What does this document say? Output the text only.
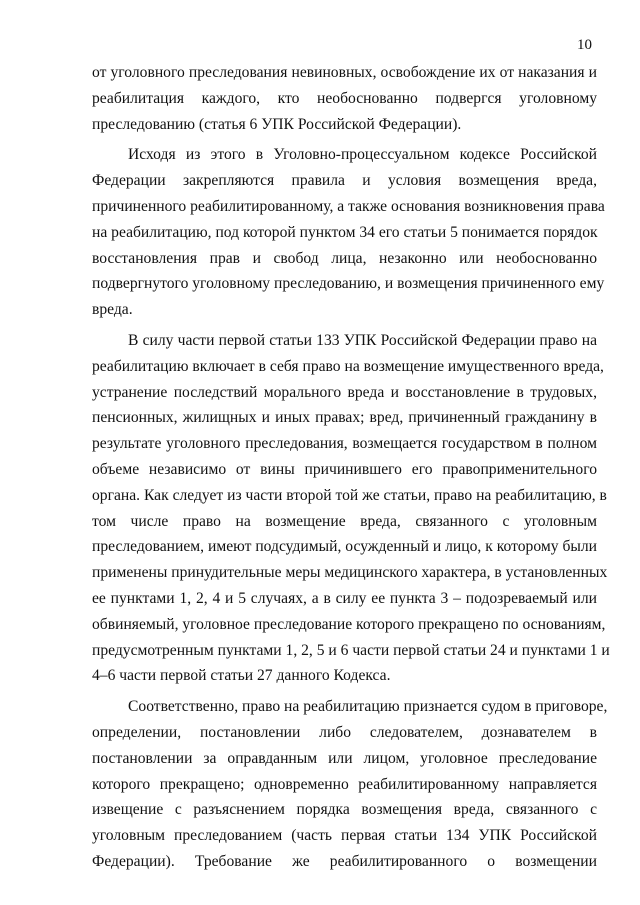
10

от уголовного преследования невиновных, освобождение их от наказания и
реабилитация каждого, кто необоснованно подвергся уголовному
преследованию (статья 6 УПК Российской Федерации).

Исходя из этого в Уголовно-процессуальном кодексе Российской
Федерации закрепляются правила и условия возмещения вреда,
причиненного реабилитированному, а также основания возникновения права
на реабилитацию, под которой пунктом 34 его статьи 5 понимается порядок
восстановления прав и свобод лица, незаконно или необоснованно
подвергнутого уголовному преследованию, и возмещения причиненного ему
вреда.

В силу части первой статьи 133 УПК Российской Федерации право на
реабилитацию включает в себя право на возмещение имущественного вреда,
устранение последствий морального вреда и восстановление в трудовых,
пенсионных, жилищных и иных правах; вред, причиненный гражданину в
результате уголовного преследования, возмещается государством в полном
объеме независимо от вины причинившего его правоприменительного
органа. Как следует из части второй той же статьи, право на реабилитацию, в
том числе право на возмещение вреда, связанного с уголовным
преследованием, имеют подсудимый, осужденный и лицо, к которому были
применены принудительные меры медицинского характера, в установленных
ее пунктами 1, 2, 4 и 5 случаях, а в силу ее пункта 3 – подозреваемый или
обвиняемый, уголовное преследование которого прекращено по основаниям,
предусмотренным пунктами 1, 2, 5 и 6 части первой статьи 24 и пунктами 1 и
4–6 части первой статьи 27 данного Кодекса.

Соответственно, право на реабилитацию признается судом в приговоре,
определении, постановлении либо следователем, дознавателем в
постановлении за оправданным или лицом, уголовное преследование
которого прекращено; одновременно реабилитированному направляется
извещение с разъяснением порядка возмещения вреда, связанного с
уголовным преследованием (часть первая статьи 134 УПК Российской
Федерации). Требование же реабилитированного о возмещении
